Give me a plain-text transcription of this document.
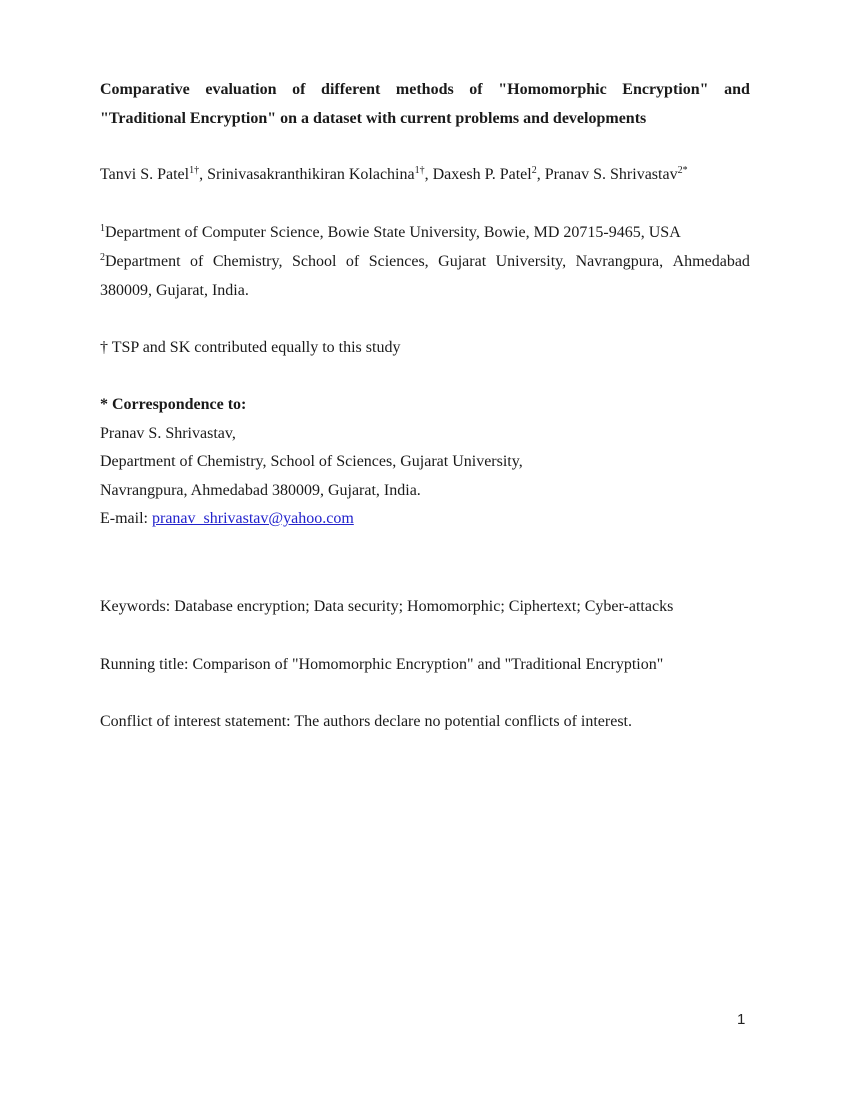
Comparative evaluation of different methods of "Homomorphic Encryption" and
"Traditional Encryption" on a dataset with current problems and developments
Tanvi S. Patel$^{1\dagger}$, Srinivasakranthikiran Kolachina$^{1\dagger}$, Daxesh P. Patel$^2$, Pranav S. Shrivastav$^{2*}$
$^1$Department of Computer Science, Bowie State University, Bowie, MD 20715-9465, USA
$^2$Department of Chemistry, School of Sciences, Gujarat University, Navrangpura, Ahmedabad
380009, Gujarat, India.
† TSP and SK contributed equally to this study
* Correspondence to:
Pranav S. Shrivastav,
Department of Chemistry, School of Sciences, Gujarat University,
Navrangpura, Ahmedabad 380009, Gujarat, India.
E-mail: pranav_shrivastav@yahoo.com
Keywords: Database encryption; Data security; Homomorphic; Ciphertext; Cyber-attacks
Running title: Comparison of "Homomorphic Encryption" and "Traditional Encryption"
Conflict of interest statement: The authors declare no potential conflicts of interest.
1
